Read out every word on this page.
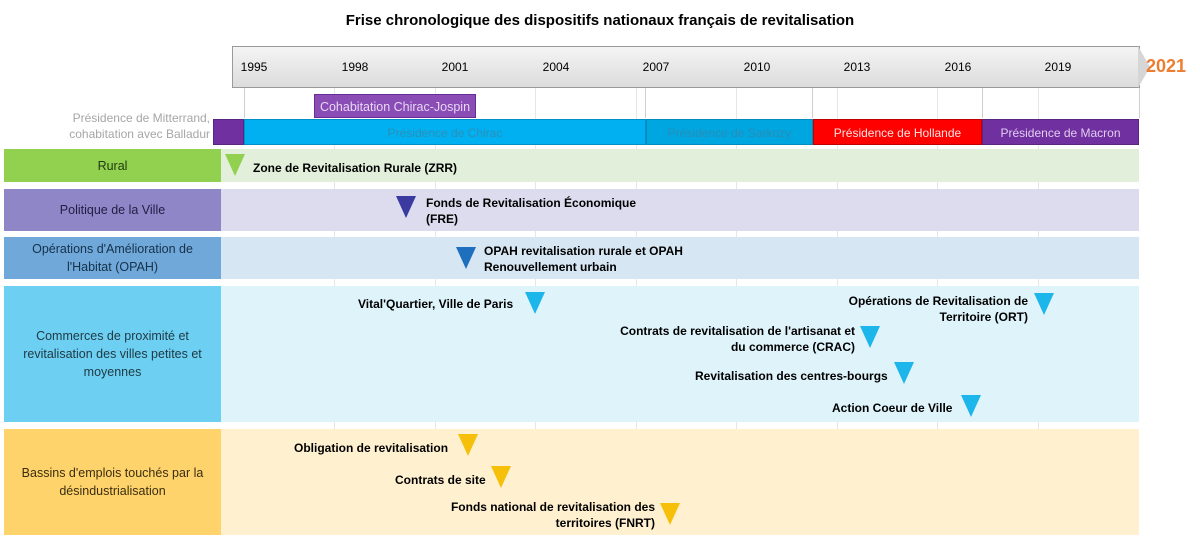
Frise chronologique des dispositifs nationaux français de revitalisation
1995	1998	2001	2004	2007	2010	2013	2016	2019	2021
Présidence de Mitterrand,
cohabitation avec Balladur	Présidence de Chirac
Cohabitation Chirac-Jospin
Présidence de Sarkozy	Présidence de Hollande	Présidence de Macron
Rural	Zone de Revitalisation Rurale (ZRR)
Politique de la Ville	Fonds de Revitalisation Économique
(FRE)
Opérations d'Amélioration de
l'Habitat (OPAH)
OPAH revitalisation rurale et OPAH
Renouvellement urbain
Commerces de proximité et
revitalisation des villes petites et
moyennes
Vital'Quartier, Ville de Paris	Opérations de Revitalisation de
Territoire (ORT)
Contrats de revitalisation de l'artisanat et
du commerce (CRAC)
Revitalisation des centres-bourgs
Action Coeur de Ville
Bassins d'emplois touchés par la
désindustrialisation
Obligation de revitalisation
Contrats de site
Fonds national de revitalisation des
territoires (FNRT)
